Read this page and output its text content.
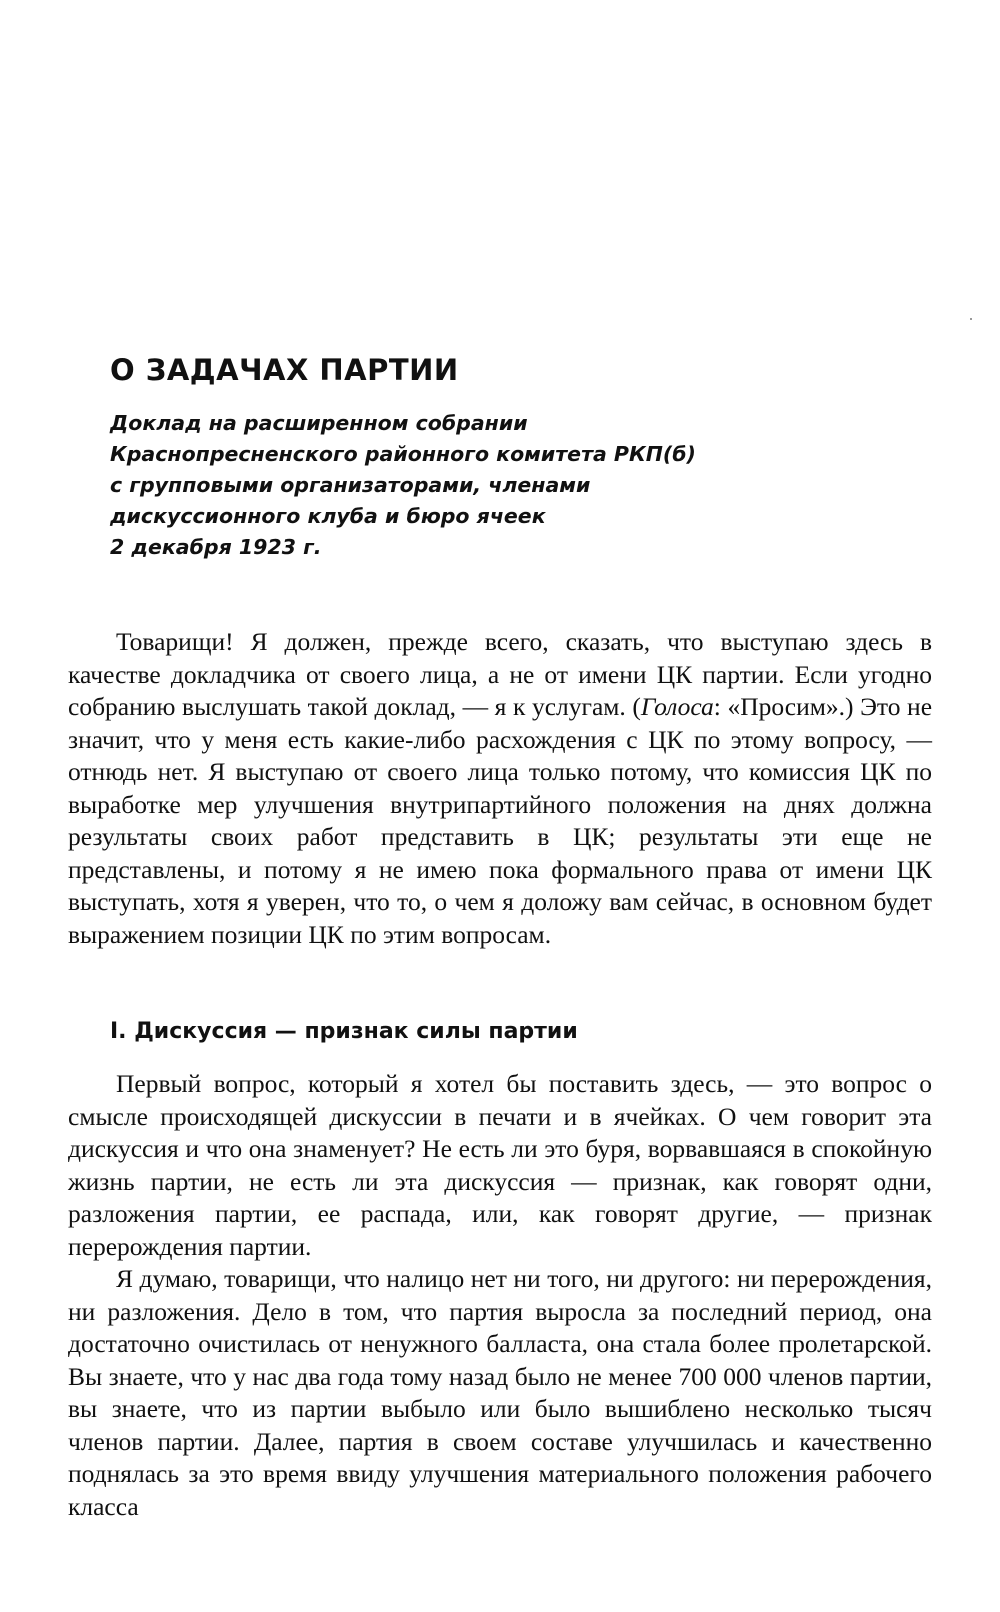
О ЗАДАЧАХ ПАРТИИ
Доклад на расширенном собрании
Краснопресненского районного комитета РКП(б)
с групповыми организаторами, членами
дискуссионного клуба и бюро ячеек
2 декабря 1923 г.

Товарищи! Я должен, прежде всего, сказать, что выступаю здесь в качестве докладчика от своего лица, а не от имени ЦК партии. Если угодно собранию выслушать такой доклад, — я к услугам. (Голоса: «Просим».) Это не значит, что у меня есть какие-либо расхождения с ЦК по этому вопросу, — отнюдь нет. Я выступаю от своего лица только потому, что комиссия ЦК по выработке мер улучшения внутрипартийного положения на днях должна результаты своих работ представить в ЦК; результаты эти еще не представлены, и потому я не имею пока формального права от имени ЦК выступать, хотя я уверен, что то, о чем я доложу вам сейчас, в основном будет выражением позиции ЦК по этим вопросам.

I. Дискуссия — признак силы партии

Первый вопрос, который я хотел бы поставить здесь, — это вопрос о смысле происходящей дискуссии в печати и в ячейках. О чем говорит эта дискуссия и что она знаменует? Не есть ли это буря, ворвавшаяся в спокойную жизнь партии, не есть ли эта дискуссия — признак, как говорят одни, разложения партии, ее распада, или, как говорят другие, — признак перерождения партии.

Я думаю, товарищи, что налицо нет ни того, ни другого: ни перерождения, ни разложения. Дело в том, что партия выросла за последний период, она достаточно очистилась от ненужного балласта, она стала более пролетарской. Вы знаете, что у нас два года тому назад было не менее 700 000 членов партии, вы знаете, что из партии выбыло или было вышиблено несколько тысяч членов партии. Далее, партия в своем составе улучшилась и качественно поднялась за это время ввиду улучшения материального положения рабочего класса
